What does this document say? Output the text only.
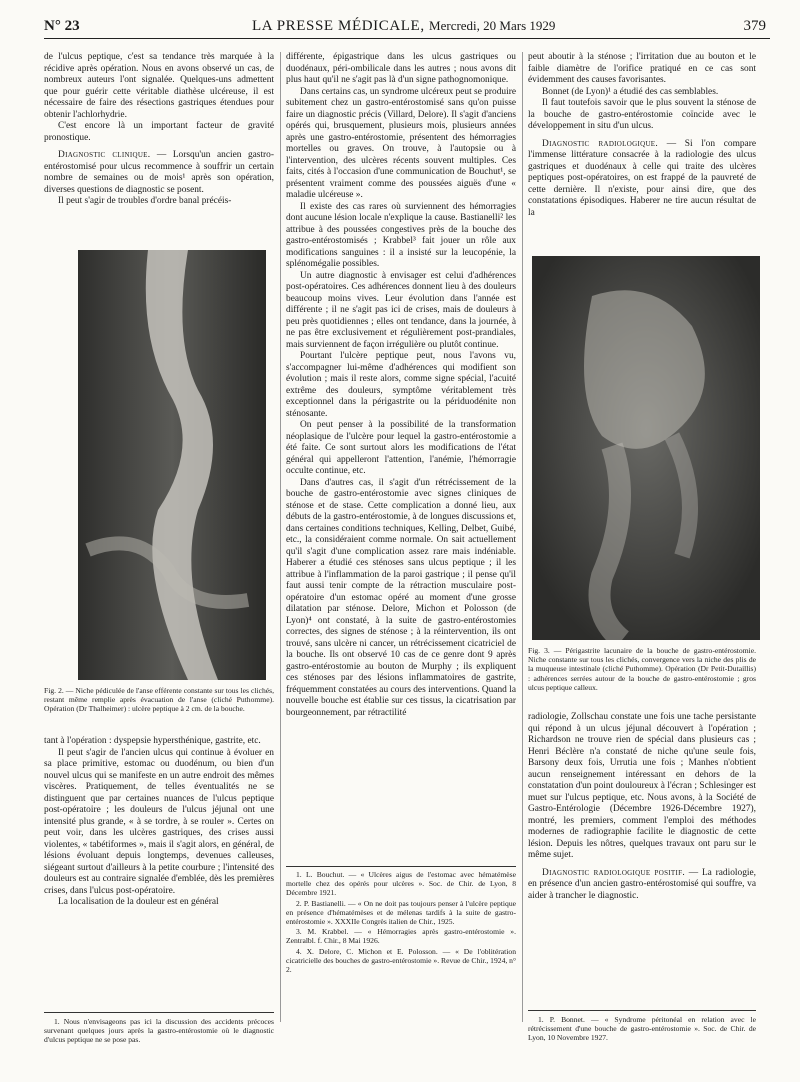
N° 23	LA PRESSE MÉDICALE, Mercredi, 20 Mars 1929	379

de l'ulcus peptique, c'est sa tendance très marquée à la récidive après opération. Nous en avons observé un cas, de nombreux auteurs l'ont signalée. Quelques-uns admettent que pour guérir cette véritable diathèse ulcéreuse, il est nécessaire de faire des résections gastriques étendues pour obtenir l'achlorhydrie.

C'est encore là un important facteur de gravité pronostique.

Diagnostic clinique. — Lorsqu'un ancien gastro-entérostomisé pour ulcus recommence à souffrir un certain nombre de semaines ou de mois¹ après son opération, diverses questions de diagnostic se posent.

Il peut s'agir de troubles d'ordre banal précéis-

Fig. 2. — Niche pédiculée de l'anse efférente constante sur tous les clichés, restant même remplie après évacuation de l'anse (cliché Puthomme). Opération (Dr Thalheimer) : ulcère peptique à 2 cm. de la bouche.

tant à l'opération : dyspepsie hypersthénique, gastrite, etc.

Il peut s'agir de l'ancien ulcus qui continue à évoluer en sa place primitive, estomac ou duodénum, ou bien d'un nouvel ulcus qui se manifeste en un autre endroit des mêmes viscères. Pratiquement, de telles éventualités ne se distinguent que par certaines nuances de l'ulcus peptique post-opératoire ; les douleurs de l'ulcus jéjunal ont une intensité plus grande, « à se tordre, à se rouler ». Certes on peut voir, dans les ulcères gastriques, des crises aussi violentes, « tabétiformes », mais il s'agit alors, en général, de lésions évoluant depuis longtemps, devenues calleuses, siégeant surtout d'ailleurs à la petite courbure ; l'intensité des douleurs est au contraire signalée d'emblée, dès les premières crises, dans l'ulcus post-opératoire.

La localisation de la douleur est en général

1. Nous n'envisageons pas ici la discussion des accidents précoces survenant quelques jours après la gastro-entérostomie où le diagnostic d'ulcus peptique ne se pose pas.

différente, épigastrique dans les ulcus gastriques ou duodénaux, péri-ombilicale dans les autres ; nous avons dit plus haut qu'il ne s'agit pas là d'un signe pathognomonique.

Dans certains cas, un syndrome ulcéreux peut se produire subitement chez un gastro-entérostomisé sans qu'on puisse faire un diagnostic précis (Villard, Delore). Il s'agit d'anciens opérés qui, brusquement, plusieurs mois, plusieurs années après une gastro-entérostomie, présentent des hémorragies mortelles ou graves. On trouve, à l'autopsie ou à l'intervention, des ulcères récents souvent multiples. Ces faits, cités à l'occasion d'une communication de Bouchut¹, se présentent vraiment comme des poussées aiguës d'une « maladie ulcéreuse ».

Il existe des cas rares où surviennent des hémorragies dont aucune lésion locale n'explique la cause. Bastianelli² les attribue à des poussées congestives près de la bouche des gastro-entérostomisés ; Krabbel³ fait jouer un rôle aux modifications sanguines : il a insisté sur la leucopénie, la splénomégalie possibles.

Un autre diagnostic à envisager est celui d'adhérences post-opératoires. Ces adhérences donnent lieu à des douleurs beaucoup moins vives. Leur évolution dans l'année est différente ; il ne s'agit pas ici de crises, mais de douleurs à peu près quotidiennes ; elles ont tendance, dans la journée, à ne pas être exclusivement et régulièrement post-prandiales, mais surviennent de façon irrégulière ou plutôt continue.

Pourtant l'ulcère peptique peut, nous l'avons vu, s'accompagner lui-même d'adhérences qui modifient son évolution ; mais il reste alors, comme signe spécial, l'acuité extrême des douleurs, symptôme véritablement très exceptionnel dans la périgastrite ou la périduodénite non sténosante.

On peut penser à la possibilité de la transformation néoplasique de l'ulcère pour lequel la gastro-entérostomie a été faite. Ce sont surtout alors les modifications de l'état général qui appelleront l'attention, l'anémie, l'hémorragie occulte continue, etc.

Dans d'autres cas, il s'agit d'un rétrécissement de la bouche de gastro-entérostomie avec signes cliniques de sténose et de stase. Cette complication a donné lieu, aux débuts de la gastro-entérostomie, à de longues discussions et, dans certaines conditions techniques, Kelling, Delbet, Guibé, etc., la considéraient comme normale. On sait actuellement qu'il s'agit d'une complication assez rare mais indéniable. Haberer a étudié ces sténoses sans ulcus peptique ; il les attribue à l'inflammation de la paroi gastrique ; il pense qu'il faut aussi tenir compte de la rétraction musculaire post-opératoire d'un estomac opéré au moment d'une grosse dilatation par sténose. Delore, Michon et Polosson (de Lyon)⁴ ont constaté, à la suite de gastro-entérostomies correctes, des signes de sténose ; à la réintervention, ils ont trouvé, sans ulcère ni cancer, un rétrécissement cicatriciel de la bouche. Ils ont observé 10 cas de ce genre dont 9 après gastro-entérostomie au bouton de Murphy ; ils expliquent ces sténoses par des lésions inflammatoires de gastrite, fréquemment constatées au cours des interventions. Quand la nouvelle bouche est établie sur ces tissus, la cicatrisation par bourgeonnement, par rétractilité

1. L. Bouchut. — « Ulcères aigus de l'estomac avec hématémèse mortelle chez des opérés pour ulcères ». Soc. de Chir. de Lyon, 8 Décembre 1921.

2. P. Bastianelli. — « On ne doit pas toujours penser à l'ulcère peptique en présence d'hématémèses et de mélenas tardifs à la suite de gastro-entérostomie ». XXXIIe Congrès italien de Chir., 1925.

3. M. Krabbel. — « Hémorragies après gastro-entérostomie ». Zentralbl. f. Chir., 8 Mai 1926.

4. X. Delore, C. Michon et E. Polosson. — « De l'oblitération cicatricielle des bouches de gastro-entérostomie ». Revue de Chir., 1924, n° 2.

peut aboutir à la sténose ; l'irritation due au bouton et le faible diamètre de l'orifice pratiqué en ce cas sont évidemment des causes favorisantes.

Bonnet (de Lyon)¹ a étudié des cas semblables.

Il faut toutefois savoir que le plus souvent la sténose de la bouche de gastro-entérostomie coïncide avec le développement in situ d'un ulcus.

Diagnostic radiologique. — Si l'on compare l'immense littérature consacrée à la radiologie des ulcus gastriques et duodénaux à celle qui traite des ulcères peptiques post-opératoires, on est frappé de la pauvreté de cette dernière. Il n'existe, pour ainsi dire, que des constatations épisodiques. Haberer ne tire aucun résultat de la

Fig. 3. — Périgastrite lacunaire de la bouche de gastro-entérostomie. Niche constante sur tous les clichés, convergence vers la niche des plis de la muqueuse intestinale (cliché Puthomme). Opération (Dr Petit-Dutaillis) : adhérences serrées autour de la bouche de gastro-entérostomie ; gros ulcus peptique calleux.

radiologie, Zollschau constate une fois une tache persistante qui répond à un ulcus jéjunal découvert à l'opération ; Richardson ne trouve rien de spécial dans plusieurs cas ; Henri Béclère n'a constaté de niche qu'une seule fois, Barsony deux fois, Urrutia une fois ; Manhes n'obtient aucun renseignement intéressant en dehors de la constatation d'un point douloureux à l'écran ; Schlesinger est muet sur l'ulcus peptique, etc. Nous avons, à la Société de Gastro-Entérologie (Décembre 1926-Décembre 1927), montré, les premiers, comment l'emploi des méthodes modernes de radiographie facilite le diagnostic de cette lésion. Depuis les nôtres, quelques travaux ont paru sur le même sujet.

Diagnostic radiologique positif. — La radiologie, en présence d'un ancien gastro-entérostomisé qui souffre, va aider à trancher le diagnostic.

1. P. Bonnet. — « Syndrome péritonéal en relation avec le rétrécissement d'une bouche de gastro-entérostomie ». Soc. de Chir. de Lyon, 10 Novembre 1927.
